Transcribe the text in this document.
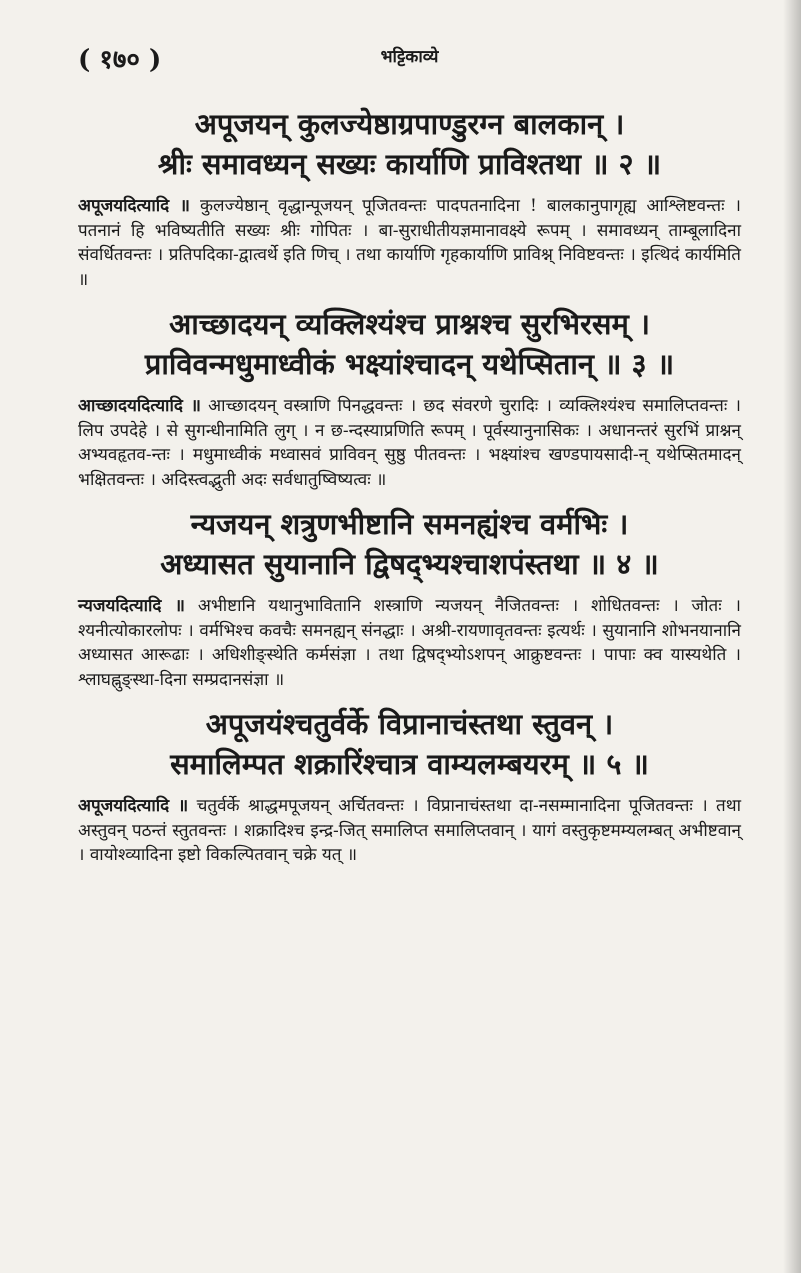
( १७० )	भट्टिकाव्ये
अपूजयन् कुलज्येष्ठाग्रपाण्डुरग्न बालकान् ।
श्रीः समावध्यन् सख्यः कार्याणि प्राविश्तथा ॥ २ ॥
अपूजयदित्यादि ॥ कुलज्येष्ठान् वृद्धान्पूजयन् पूजितवन्तः पादपतनादिना ! बालकानुपागृह्य आश्लिष्टवन्तः । पतनानं हि भविष्यतीति सख्यः श्रीः गोपितः । बा-सुराधीतीयज्ञमानावक्ष्ये रूपम् । समावध्यन् ताम्बूलादिना संवर्धितवन्तः । प्रतिपदिका-द्वात्वर्थे इति णिच् । तथा कार्याणि गृहकार्याणि प्राविश्न् निविष्टवन्तः । इत्थिदं कार्यमिति ॥
आच्छादयन् व्यक्लिश्यंश्च प्राश्नश्च सुरभिरसम् ।
प्राविवन्मधुमाध्वीकं भक्ष्यांश्चादन् यथेप्सितान् ॥ ३ ॥
आच्छादयदित्यादि ॥ आच्छादयन् वस्त्राणि पिनद्धवन्तः । छद संवरणे चुरादिः । व्यक्लिश्यंश्च समालिप्तवन्तः । लिप उपदेहे । से सुगन्धीनामिति लुग् । न छ-न्दस्याप्रणिति रूपम् । पूर्वस्यानुनासिकः । अधानन्तरं सुरभिं प्राश्नन् अभ्यवहृतव-न्तः । मधुमाध्वीकं मध्वासवं प्राविवन् सुष्ठु पीतवन्तः । भक्ष्यांश्च खण्डपायसादी-न् यथेप्सितमादन् भक्षितवन्तः । अदिस्त्वद्भुती अदः सर्वधातुष्विष्यत्वः ॥
न्यजयन् शत्रुणभीष्टानि समनह्यंश्च वर्मभिः ।
अध्यासत सुयानानि द्विषद्भ्यश्चाशपंस्तथा ॥ ४ ॥
न्यजयदित्यादि ॥ अभीष्टानि यथानुभावितानि शस्त्राणि न्यजयन् नैजितवन्तः । शोधितवन्तः । जोतः । श्यनीत्योकारलोपः । वर्मभिश्च कवचैः समनह्यन् संनद्धाः । अश्री-रायणावृतवन्तः इत्यर्थः । सुयानानि शोभनयानानि अध्यासत आरूढाः । अधिशीङ्स्थेति कर्मसंज्ञा । तथा द्विषद्भ्योऽशपन् आक्रुष्टवन्तः । पापाः क्व यास्यथेति । श्लाघह्नुङ्स्था-दिना सम्प्रदानसंज्ञा ॥
अपूजयंश्चतुर्वर्के विप्रानाचंस्तथा स्तुवन् ।
समालिम्पत शक्रारिंश्चात्र वाम्यलम्बयरम् ॥ ५ ॥
अपूजयदित्यादि ॥ चतुर्वर्के श्राद्धमपूजयन् अर्चितवन्तः । विप्रानाचंस्तथा दा-नसम्मानादिना पूजितवन्तः । तथा अस्तुवन् पठन्तं स्तुतवन्तः । शक्रादिश्च इन्द्र-जित् समालिप्त समालिप्तवान् । यागं वस्तुकृष्टमम्यलम्बत् अभीष्टवान् । वायोश्व्यादिना इष्टो विकल्पितवान् चक्रे यत् ॥
